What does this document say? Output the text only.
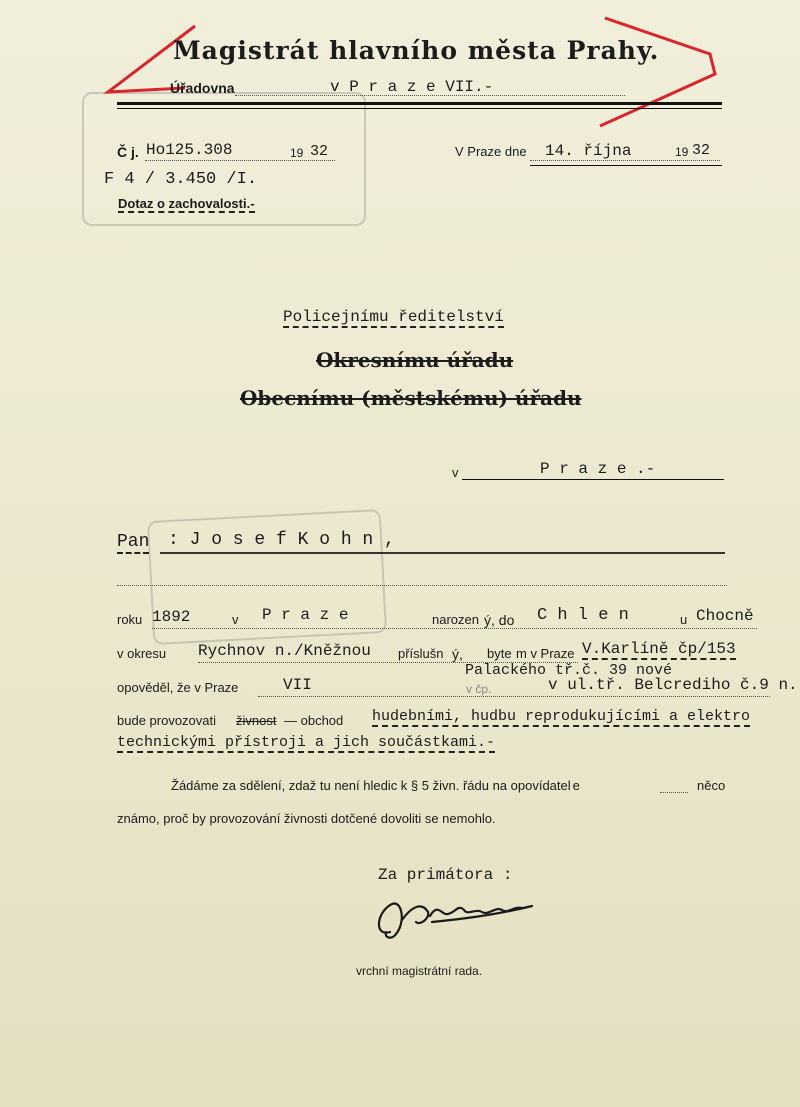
Magistrát hlavního města Prahy.
Úřadovna	v P r a z e VII.-
Č j. Ho125.308	19 32
F 4 / 3.450 /I.
Dotaz o zachovalosti.-
V Praze dne 14. října	19 32
Policejnímu ředitelství
Okresnímu úřadu
Obecnímu (městskému) úřadu
v	P r a z e .-
Pan : J o s e f K o h n ,
roku 1892	v P r a z e	narozen ý, do C h l e n	u Chocně
v okresu Rychnov n./Kněžnou příslušn ý, byte m v Praze V.Karlíně čp/153
Palackého tř.č. 39 nové
opověděl, že v Praze	VII	v čp.	v ul.tř. Belcrediho č.9 n.
bude provozovati živnost — obchod hudebními, hudbu reprodukujícími a elektro
technickými přístroji a jich součástkami.-
Žádáme za sdělení, zdaž tu není hledic k § 5 živn. řádu na opovídatel e	něco
známo, proč by provozování živnosti dotčené dovoliti se nemohlo.
Za primátora :
vrchní magistrátní rada.
